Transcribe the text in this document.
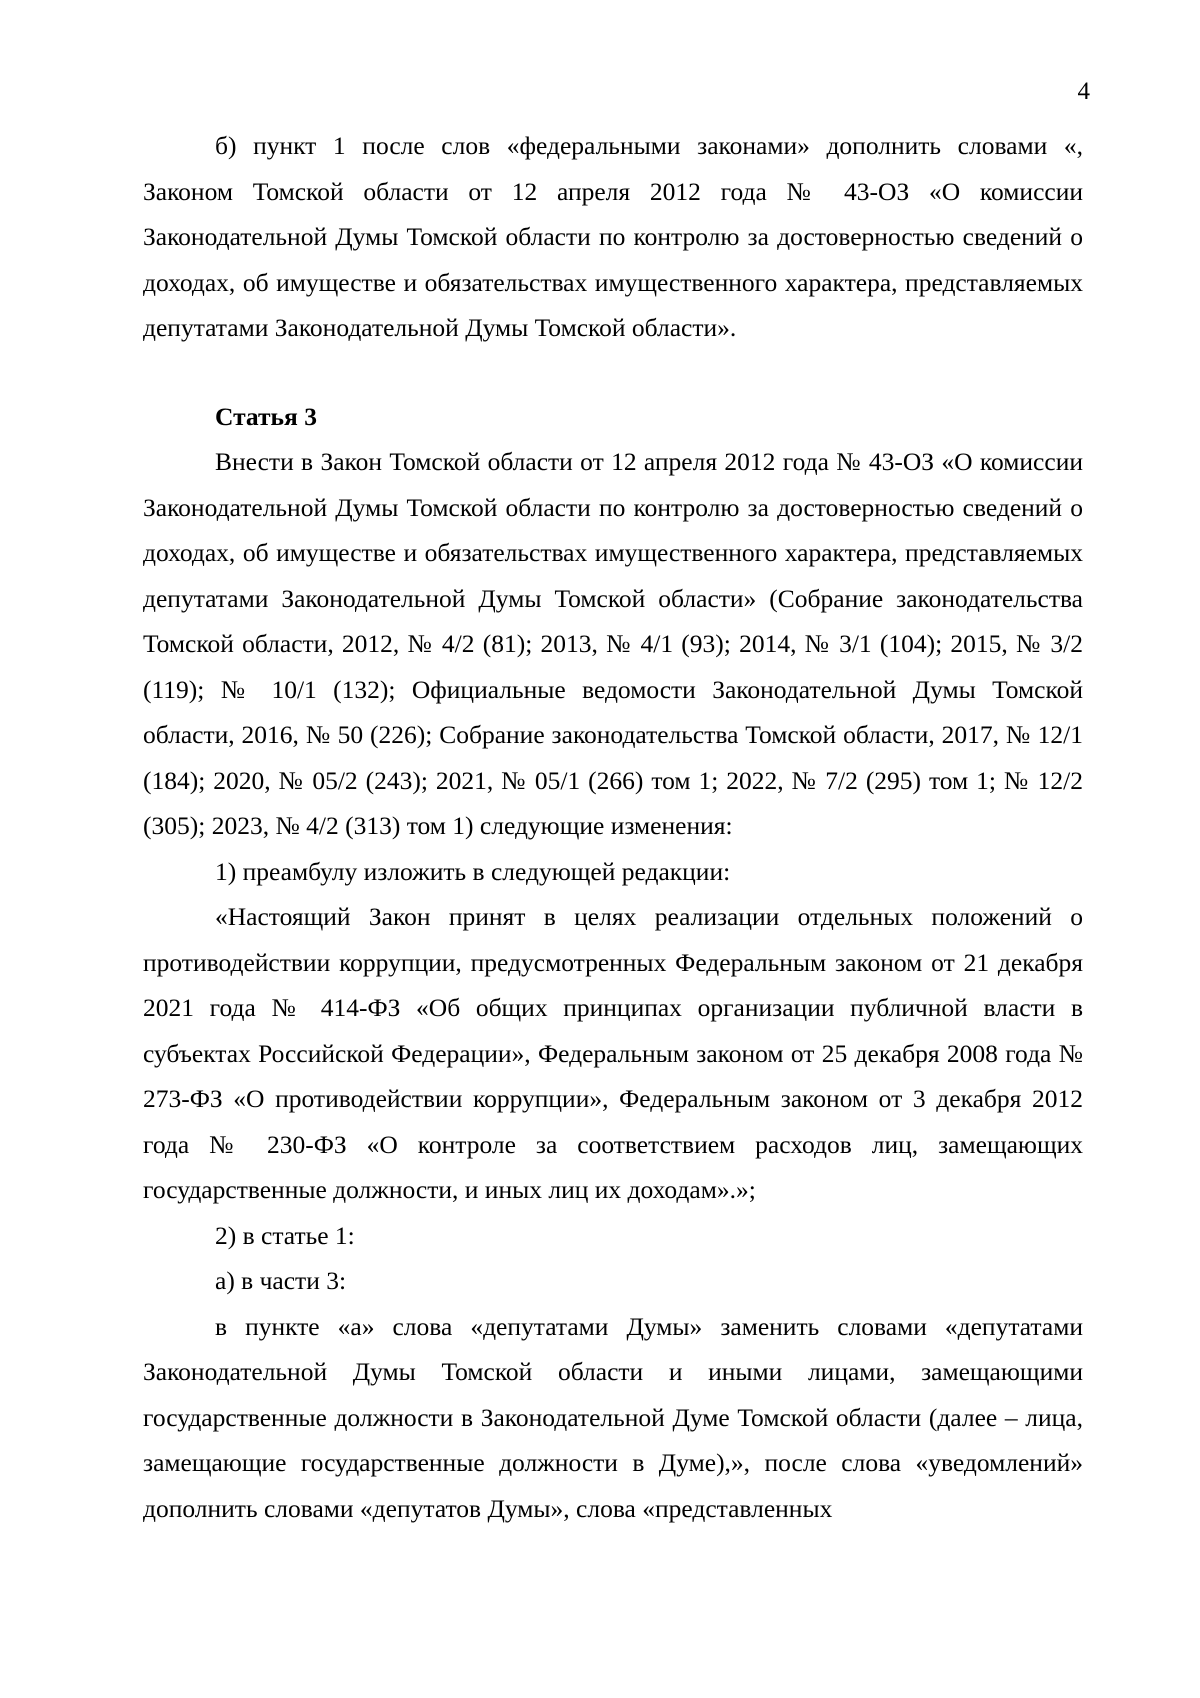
4

б) пункт 1 после слов «федеральными законами» дополнить словами «, Законом Томской области от 12 апреля 2012 года № 43-ОЗ «О комиссии Законодательной Думы Томской области по контролю за достоверностью сведений о доходах, об имуществе и обязательствах имущественного характера, представляемых депутатами Законодательной Думы Томской области».

Статья 3

Внести в Закон Томской области от 12 апреля 2012 года № 43-ОЗ «О комиссии Законодательной Думы Томской области по контролю за достоверностью сведений о доходах, об имуществе и обязательствах имущественного характера, представляемых депутатами Законодательной Думы Томской области» (Собрание законодательства Томской области, 2012, № 4/2 (81); 2013, № 4/1 (93); 2014, № 3/1 (104); 2015, № 3/2 (119); № 10/1 (132); Официальные ведомости Законодательной Думы Томской области, 2016, № 50 (226); Собрание законодательства Томской области, 2017, № 12/1 (184); 2020, № 05/2 (243); 2021, № 05/1 (266) том 1; 2022, № 7/2 (295) том 1; № 12/2 (305); 2023, № 4/2 (313) том 1) следующие изменения:

1) преамбулу изложить в следующей редакции:

«Настоящий Закон принят в целях реализации отдельных положений о противодействии коррупции, предусмотренных Федеральным законом от 21 декабря 2021 года № 414-ФЗ «Об общих принципах организации публичной власти в субъектах Российской Федерации», Федеральным законом от 25 декабря 2008 года № 273-ФЗ «О противодействии коррупции», Федеральным законом от 3 декабря 2012 года № 230-ФЗ «О контроле за соответствием расходов лиц, замещающих государственные должности, и иных лиц их доходам».»;

2) в статье 1:

а) в части 3:

в пункте «а» слова «депутатами Думы» заменить словами «депутатами Законодательной Думы Томской области и иными лицами, замещающими государственные должности в Законодательной Думе Томской области (далее – лица, замещающие государственные должности в Думе),», после слова «уведомлений» дополнить словами «депутатов Думы», слова «представленных
